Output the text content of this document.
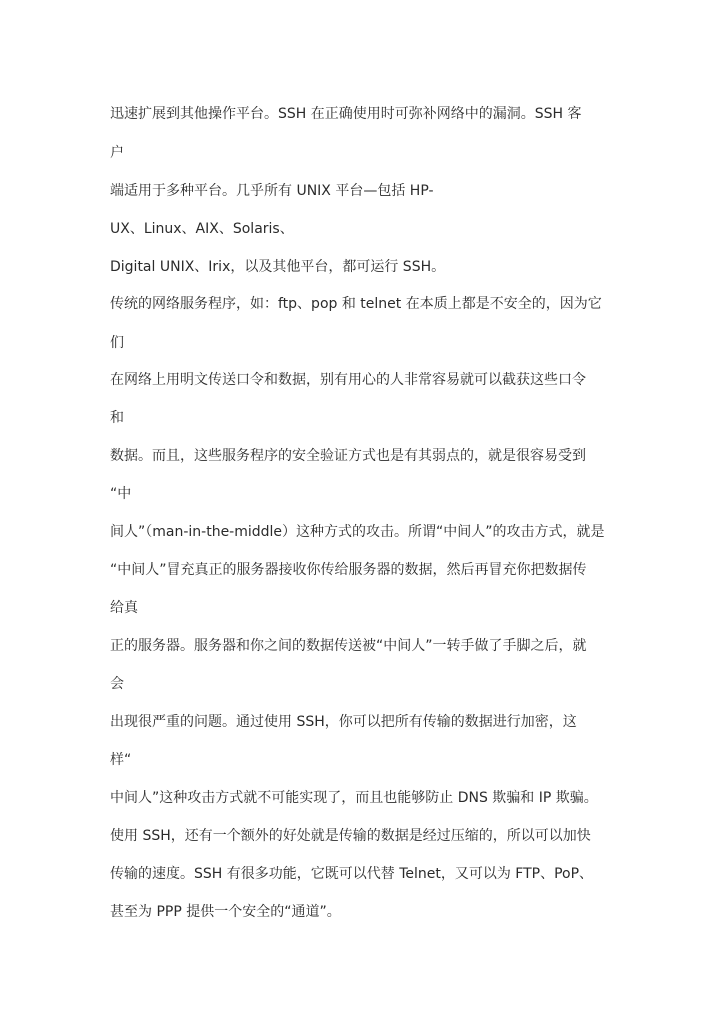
迅速扩展到其他操作平台。SSH 在正确使用时可弥补网络中的漏洞。SSH 客
户
端适用于多种平台。几乎所有 UNIX 平台—包括 HP-
UX、Linux、AIX、Solaris、
Digital UNIX、Irix，以及其他平台，都可运行 SSH。
传统的网络服务程序，如：ftp、pop 和 telnet 在本质上都是不安全的，因为它
们
在网络上用明文传送口令和数据，别有用心的人非常容易就可以截获这些口令
和
数据。而且，这些服务程序的安全验证方式也是有其弱点的，就是很容易受到
“中
间人”（man-in-the-middle）这种方式的攻击。所谓“中间人”的攻击方式，就是
“中间人”冒充真正的服务器接收你传给服务器的数据，然后再冒充你把数据传
给真
正的服务器。服务器和你之间的数据传送被“中间人”一转手做了手脚之后，就
会
出现很严重的问题。通过使用 SSH，你可以把所有传输的数据进行加密，这
样“
中间人”这种攻击方式就不可能实现了，而且也能够防止 DNS 欺骗和 IP 欺骗。
使用 SSH，还有一个额外的好处就是传输的数据是经过压缩的，所以可以加快
传输的速度。SSH 有很多功能，它既可以代替 Telnet，又可以为 FTP、PoP、
甚至为 PPP 提供一个安全的“通道”。
